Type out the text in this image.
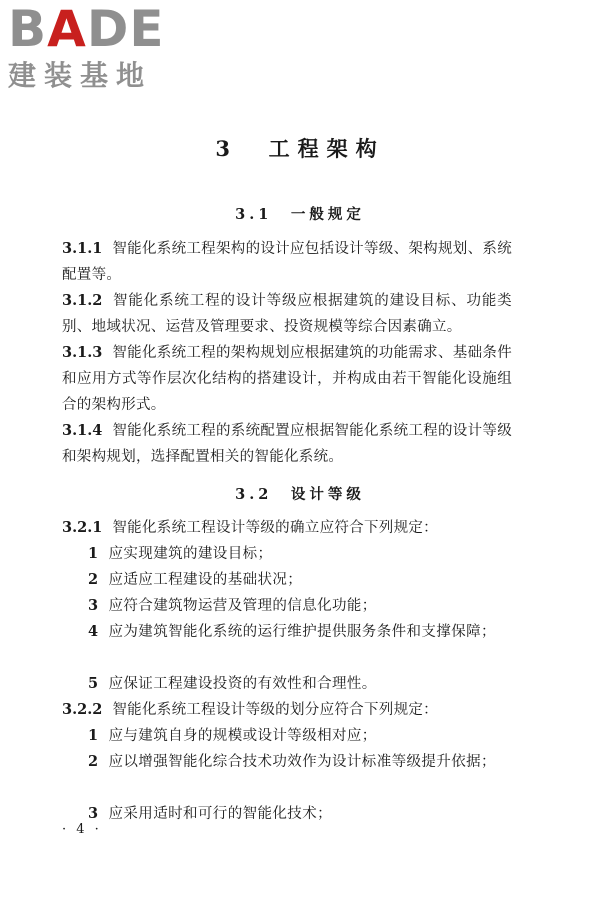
BADE
建装基地
3 工程架构
3.1　一般规定
3.1.1 智能化系统工程架构的设计应包括设计等级、架构规划、系统配置等。
3.1.2 智能化系统工程的设计等级应根据建筑的建设目标、功能类别、地域状况、运营及管理要求、投资规模等综合因素确立。
3.1.3 智能化系统工程的架构规划应根据建筑的功能需求、基础条件和应用方式等作层次化结构的搭建设计，并构成由若干智能化设施组合的架构形式。
3.1.4 智能化系统工程的系统配置应根据智能化系统工程的设计等级和架构规划，选择配置相关的智能化系统。
3.2　设计等级
3.2.1 智能化系统工程设计等级的确立应符合下列规定：
1 应实现建筑的建设目标；
2 应适应工程建设的基础状况；
3 应符合建筑物运营及管理的信息化功能；
4 应为建筑智能化系统的运行维护提供服务条件和支撑保障；
5 应保证工程建设投资的有效性和合理性。
3.2.2 智能化系统工程设计等级的划分应符合下列规定：
1 应与建筑自身的规模或设计等级相对应；
2 应以增强智能化综合技术功效作为设计标准等级提升依据；
3 应采用适时和可行的智能化技术；
· 4 ·
